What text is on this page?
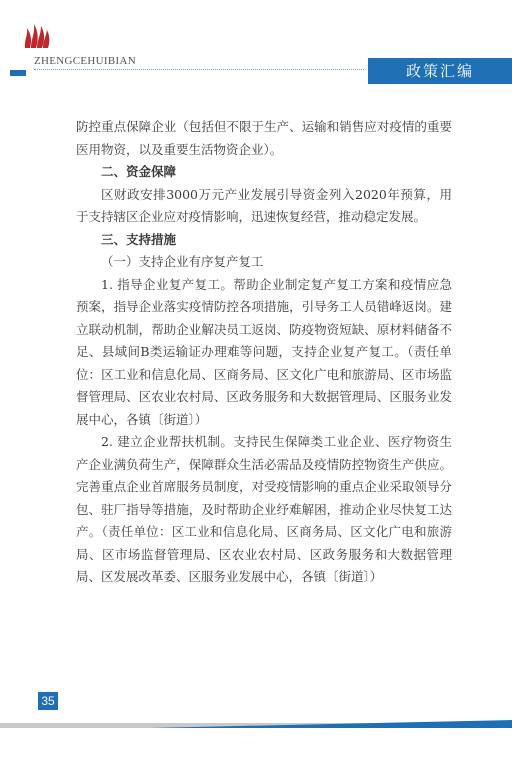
ZHENGCEHUIBIAN
政策汇编

防控重点保障企业（包括但不限于生产、运输和销售应对疫情的重要医用物资，以及重要生活物资企业）。

二、资金保障

区财政安排3000万元产业发展引导资金列入2020年预算，用于支持辖区企业应对疫情影响，迅速恢复经营，推动稳定发展。

三、支持措施

（一）支持企业有序复产复工

1. 指导企业复产复工。帮助企业制定复产复工方案和疫情应急预案，指导企业落实疫情防控各项措施，引导务工人员错峰返岗。建立联动机制，帮助企业解决员工返岗、防疫物资短缺、原材料储备不足、县域间B类运输证办理难等问题，支持企业复产复工。（责任单位：区工业和信息化局、区商务局、区文化广电和旅游局、区市场监督管理局、区农业农村局、区政务服务和大数据管理局、区服务业发展中心，各镇〔街道〕）

2. 建立企业帮扶机制。支持民生保障类工业企业、医疗物资生产企业满负荷生产，保障群众生活必需品及疫情防控物资生产供应。完善重点企业首席服务员制度，对受疫情影响的重点企业采取领导分包、驻厂指导等措施，及时帮助企业纾难解困，推动企业尽快复工达产。（责任单位：区工业和信息化局、区商务局、区文化广电和旅游局、区市场监督管理局、区农业农村局、区政务服务和大数据管理局、区发展改革委、区服务业发展中心，各镇〔街道〕）

35
